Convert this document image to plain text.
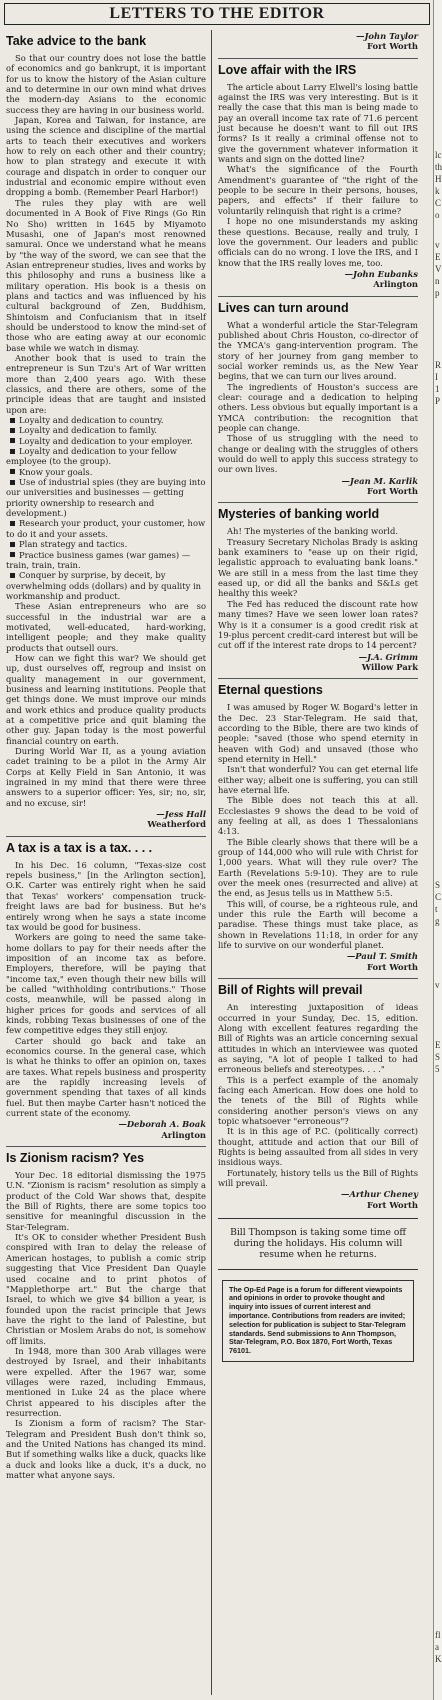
LETTERS TO THE EDITOR
lc
th
H
k
C
o
v
E
V
n
p
R
I
1
P
S
C
t
g
v
E
S
5
fl
a
K
Take advice to the bank

So that our country does not lose the battle of economics and go bankrupt, it is important for us to know the history of the Asian culture and to determine in our own mind what drives the modern-day Asians to the economic success they are having in our business world.

Japan, Korea and Taiwan, for instance, are using the science and discipline of the martial arts to teach their executives and workers how to rely on each other and their country; how to plan strategy and execute it with courage and dispatch in order to conquer our industrial and economic empire without even dropping a bomb. (Remember Pearl Harbor!)

The rules they play with are well documented in A Book of Five Rings (Go Rin No Sho) written in 1645 by Miyamoto Musashi, one of Japan's most renowned samurai. Once we understand what he means by "the way of the sword, we can see that the Asian entrepreneur studies, lives and works by this philosophy and runs a business like a military operation. His book is a thesis on plans and tactics and was influenced by his cultural background of Zen, Buddhism, Shintoism and Confucianism that in itself should be understood to know the mind-set of those who are eating away at our economic base while we watch in dismay.

Another book that is used to train the entrepreneur is Sun Tzu's Art of War written more than 2,400 years ago. With these classics, and there are others, some of the principle ideas that are taught and insisted upon are:

Loyalty and dedication to country.
Loyalty and dedication to family.
Loyalty and dedication to your employer.
Loyalty and dedication to your fellow employee (to the group).
Know your goals.
Use of industrial spies (they are buying into our universities and businesses — getting priority ownership to research and development.)
Research your product, your customer, how to do it and your assets.
Plan strategy and tactics.
Practice business games (war games) — train, train, train.
Conquer by surprise, by deceit, by overwhelming odds (dollars) and by quality in workmanship and product.

These Asian entrepreneurs who are so successful in the industrial war are a motivated, well-educated, hard-working, intelligent people; and they make quality products that outsell ours.

How can we fight this war? We should get up, dust ourselves off, regroup and insist on quality management in our government, business and learning institutions. People that get things done. We must improve our minds and work ethics and produce quality products at a competitive price and quit blaming the other guy. Japan today is the most powerful financial country on earth.

During World War II, as a young aviation cadet training to be a pilot in the Army Air Corps at Kelly Field in San Antonio, it was ingrained in my mind that there were three answers to a superior officer: Yes, sir; no, sir, and no excuse, sir!

—Jess Hall
Weatherford
A tax is a tax is a tax. . . .

In his Dec. 16 column, "Texas-size cost repels business," [in the Arlington section], O.K. Carter was entirely right when he said that Texas' workers' compensation truck-freight laws are bad for business. But he's entirely wrong when he says a state income tax would be good for business.

Workers are going to need the same take-home dollars to pay for their needs after the imposition of an income tax as before. Employers, therefore, will be paying that "income tax," even though their new bills will be called "withholding contributions." Those costs, meanwhile, will be passed along in higher prices for goods and services of all kinds, robbing Texas businesses of one of the few competitive edges they still enjoy.

Carter should go back and take an economics course. In the general case, which is what he thinks to offer an opinion on, taxes are taxes. What repels business and prosperity are the rapidly increasing levels of government spending that taxes of all kinds fuel. But then maybe Carter hasn't noticed the current state of the economy.

—Deborah A. Boak
Arlington
Is Zionism racism? Yes

Your Dec. 18 editorial dismissing the 1975 U.N. "Zionism is racism" resolution as simply a product of the Cold War shows that, despite the Bill of Rights, there are some topics too sensitive for meaningful discussion in the Star-Telegram.

It's OK to consider whether President Bush conspired with Iran to delay the release of American hostages, to publish a comic strip suggesting that Vice President Dan Quayle used cocaine and to print photos of "Mapplethorpe art." But the charge that Israel, to which we give $4 billion a year, is founded upon the racist principle that Jews have the right to the land of Palestine, but Christian or Moslem Arabs do not, is somehow off limits.

In 1948, more than 300 Arab villages were destroyed by Israel, and their inhabitants were expelled. After the 1967 war, some villages were razed, including Emmaus, mentioned in Luke 24 as the place where Christ appeared to his disciples after the resurrection.

Is Zionism a form of racism? The Star-Telegram and President Bush don't think so, and the United Nations has changed its mind. But if something walks like a duck, quacks like a duck and looks like a duck, it's a duck, no matter what anyone says.

—John Taylor
Fort Worth
Love affair with the IRS

The article about Larry Elwell's losing battle against the IRS was very interesting. But is it really the case that this man is being made to pay an overall income tax rate of 71.6 percent just because he doesn't want to fill out IRS forms? Is it really a criminal offense not to give the government whatever information it wants and sign on the dotted line?

What's the significance of the Fourth Amendment's guarantee of "the right of the people to be secure in their persons, houses, papers, and effects" if their failure to voluntarily relinquish that right is a crime?

I hope no one misunderstands my asking these questions. Because, really and truly, I love the government. Our leaders and public officials can do no wrong. I love the IRS, and I know that the IRS really loves me, too.

—John Eubanks
Arlington
Lives can turn around

What a wonderful article the Star-Telegram published about Chris Houston, co-director of the YMCA's gang-intervention program. The story of her journey from gang member to social worker reminds us, as the New Year begins, that we can turn our lives around.

The ingredients of Houston's success are clear: courage and a dedication to helping others. Less obvious but equally important is a YMCA contribution: the recognition that people can change.

Those of us struggling with the need to change or dealing with the struggles of others would do well to apply this success strategy to our own lives.

—Jean M. Karlik
Fort Worth
Mysteries of banking world

Ah! The mysteries of the banking world.

Treasury Secretary Nicholas Brady is asking bank examiners to "ease up on their rigid, legalistic approach to evaluating bank loans." We are still in a mess from the last time they eased up, or did all the banks and S&Ls get healthy this week?

The Fed has reduced the discount rate how many times? Have we seen lower loan rates? Why is it a consumer is a good credit risk at 19-plus percent credit-card interest but will be cut off if the interest rate drops to 14 percent?

—J.A. Grimm
Willow Park
Eternal questions

I was amused by Roger W. Bogard's letter in the Dec. 23 Star-Telegram. He said that, according to the Bible, there are two kinds of people: "saved (those who spend eternity in heaven with God) and unsaved (those who spend eternity in Hell."

Isn't that wonderful? You can get eternal life either way; albeit one is suffering, you can still have eternal life.

The Bible does not teach this at all. Ecclesiastes 9 shows the dead to be void of any feeling at all, as does 1 Thessalonians 4:13.

The Bible clearly shows that there will be a group of 144,000 who will rule with Christ for 1,000 years. What will they rule over? The Earth (Revelations 5:9-10). They are to rule over the meek ones (resurrected and alive) at the end, as Jesus tells us in Matthew 5:5.

This will, of course, be a righteous rule, and under this rule the Earth will become a paradise. These things must take place, as shown in Revelations 11:18, in order for any life to survive on our wonderful planet.

—Paul T. Smith
Fort Worth
Bill of Rights will prevail

An interesting juxtaposition of ideas occurred in your Sunday, Dec. 15, edition. Along with excellent features regarding the Bill of Rights was an article concerning sexual attitudes in which an interviewee was quoted as saying, "A lot of people I talked to had erroneous beliefs and stereotypes. . . ."

This is a perfect example of the anomaly facing each American. How does one hold to the tenets of the Bill of Rights while considering another person's views on any topic whatsoever "erroneous"?

It is in this age of P.C. (politically correct) thought, attitude and action that our Bill of Rights is being assaulted from all sides in very insidious ways.

Fortunately, history tells us the Bill of Rights will prevail.

—Arthur Cheney
Fort Worth
Bill Thompson is taking some time off during the holidays. His column will resume when he returns.
The Op-Ed Page is a forum for different viewpoints and opinions in order to provoke thought and inquiry into issues of current interest and importance. Contributions from readers are invited; selection for publication is subject to Star-Telegram standards. Send submissions to Ann Thompson, Star-Telegram, P.O. Box 1870, Fort Worth, Texas 76101.
